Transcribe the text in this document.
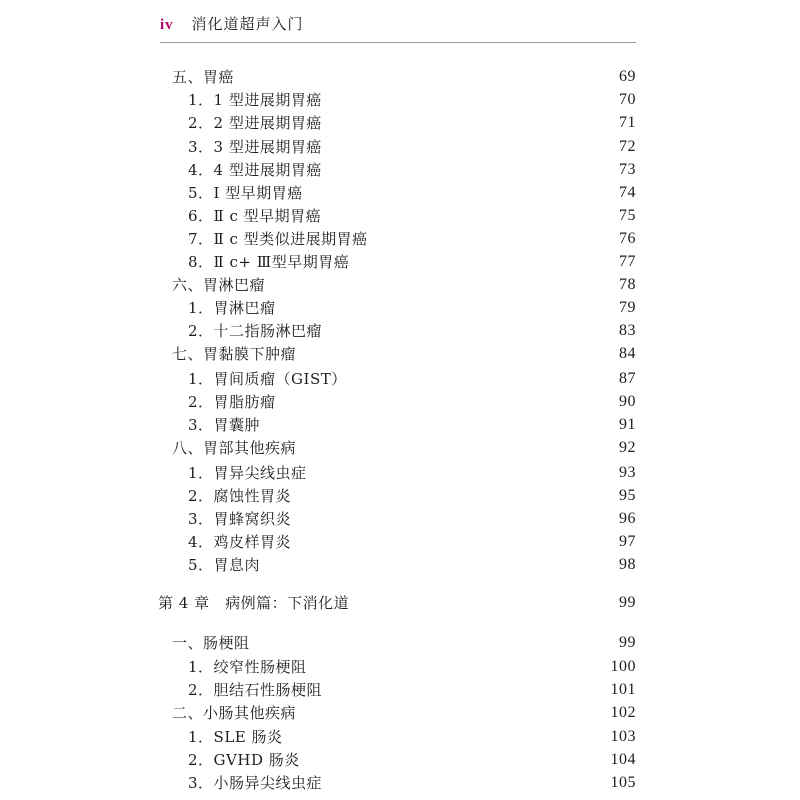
iv 消化道超声入门
五、胃癌	69
1．1 型进展期胃癌	70
2．2 型进展期胃癌	71
3．3 型进展期胃癌	72
4．4 型进展期胃癌	73
5．Ⅰ 型早期胃癌	74
6．Ⅱ c 型早期胃癌	75
7．Ⅱ c 型类似进展期胃癌	76
8．Ⅱ c+ Ⅲ型早期胃癌	77
六、胃淋巴瘤	78
1．胃淋巴瘤	79
2．十二指肠淋巴瘤	83
七、胃黏膜下肿瘤	84
1．胃间质瘤（GIST）	87
2．胃脂肪瘤	90
3．胃囊肿	91
八、胃部其他疾病	92
1．胃异尖线虫症	93
2．腐蚀性胃炎	95
3．胃蜂窝织炎	96
4．鸡皮样胃炎	97
5．胃息肉	98
第 4 章　病例篇：下消化道	99
一、肠梗阻	99
1．绞窄性肠梗阻	100
2．胆结石性肠梗阻	101
二、小肠其他疾病	102
1．SLE 肠炎	103
2．GVHD 肠炎	104
3．小肠异尖线虫症	105
